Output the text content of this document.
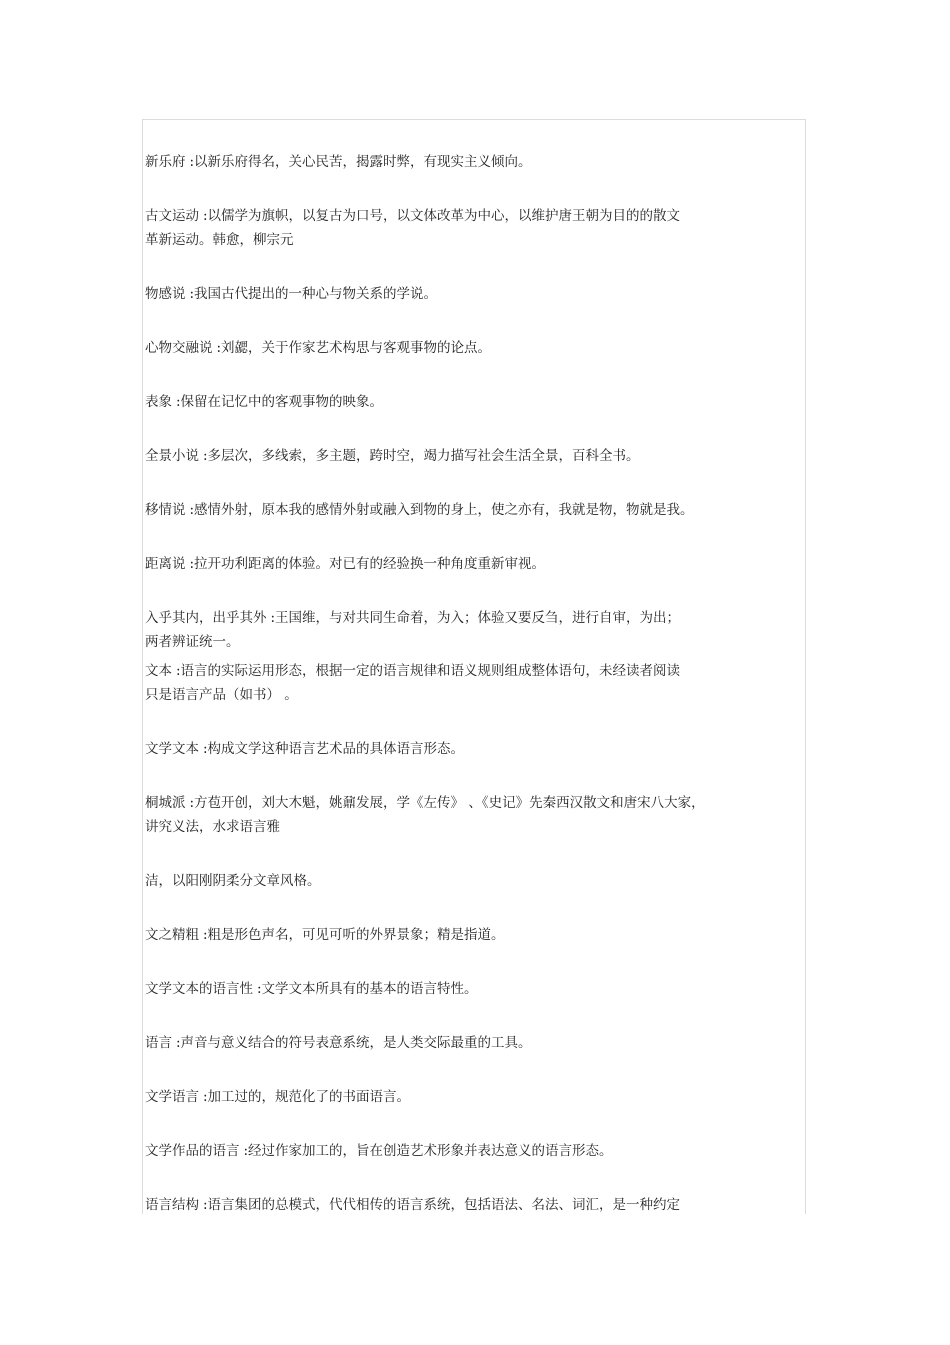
新乐府 :以新乐府得名，关心民苦，揭露时弊，有现实主义倾向。

古文运动 :以儒学为旗帜，以复古为口号，以文体改革为中心，以维护唐王朝为目的的散文
革新运动。韩愈，柳宗元

物感说 :我国古代提出的一种心与物关系的学说。

心物交融说 :刘勰，关于作家艺术构思与客观事物的论点。

表象 :保留在记忆中的客观事物的映象。

全景小说 :多层次，多线索，多主题，跨时空，竭力描写社会生活全景，百科全书。

移情说 :感情外射，原本我的感情外射或融入到物的身上，使之亦有，我就是物，物就是我。

距离说 :拉开功利距离的体验。对已有的经验换一种角度重新审视。

入乎其内，出乎其外 :王国维，与对共同生命着，为入；体验又要反刍，进行自审，为出；
两者辨证统一。

文本 :语言的实际运用形态，根据一定的语言规律和语义规则组成整体语句，未经读者阅读
只是语言产品（如书） 。

文学文本 :构成文学这种语言艺术品的具体语言形态。

桐城派 :方苞开创，刘大木魁，姚鼐发展，学《左传》 、《史记》先秦西汉散文和唐宋八大家，
讲究义法，水求语言雅

洁，以阳刚阴柔分文章风格。

文之精粗 :粗是形色声名，可见可听的外界景象；精是指道。

文学文本的语言性 :文学文本所具有的基本的语言特性。

语言 :声音与意义结合的符号表意系统，是人类交际最重的工具。

文学语言 :加工过的，规范化了的书面语言。

文学作品的语言 :经过作家加工的，旨在创造艺术形象并表达意义的语言形态。

语言结构 :语言集团的总模式，代代相传的语言系统，包括语法、名法、词汇，是一种约定
